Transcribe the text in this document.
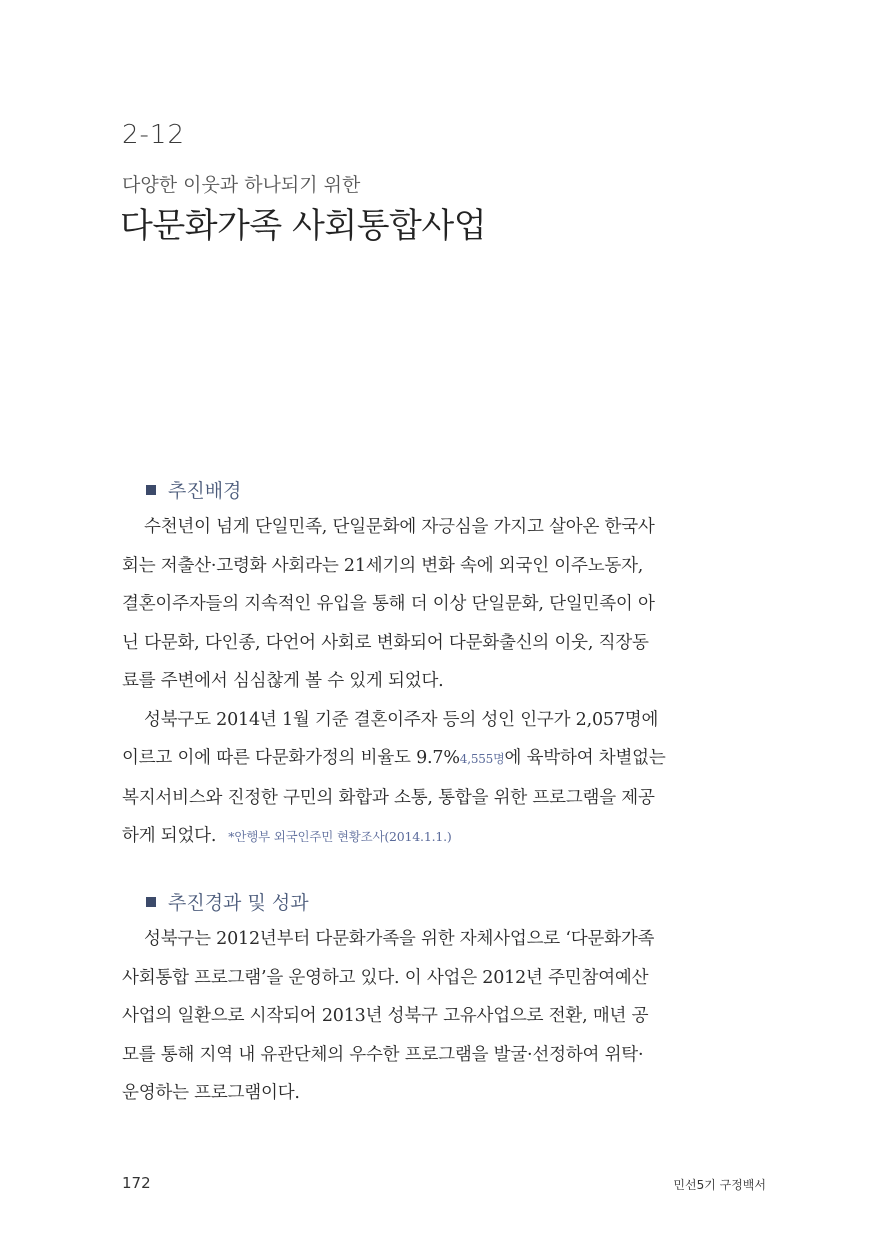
2-12
다양한 이웃과 하나되기 위한
다문화가족 사회통합사업
추진배경
수천년이 넘게 단일민족, 단일문화에 자긍심을 가지고 살아온 한국사
회는 저출산·고령화 사회라는 21세기의 변화 속에 외국인 이주노동자,
결혼이주자들의 지속적인 유입을 통해 더 이상 단일문화, 단일민족이 아
닌 다문화, 다인종, 다언어 사회로 변화되어 다문화출신의 이웃, 직장동
료를 주변에서 심심찮게 볼 수 있게 되었다.
성북구도 2014년 1월 기준 결혼이주자 등의 성인 인구가 2,057명에
이르고 이에 따른 다문화가정의 비율도 9.7%4,555명에 육박하여 차별없는
복지서비스와 진정한 구민의 화합과 소통, 통합을 위한 프로그램을 제공
하게 되었다. *안행부 외국인주민 현황조사(2014.1.1.)
추진경과 및 성과
성북구는 2012년부터 다문화가족을 위한 자체사업으로 ‘다문화가족
사회통합 프로그램’을 운영하고 있다. 이 사업은 2012년 주민참여예산
사업의 일환으로 시작되어 2013년 성북구 고유사업으로 전환, 매년 공
모를 통해 지역 내 유관단체의 우수한 프로그램을 발굴·선정하여 위탁·
운영하는 프로그램이다.
172	민선5기 구정백서
